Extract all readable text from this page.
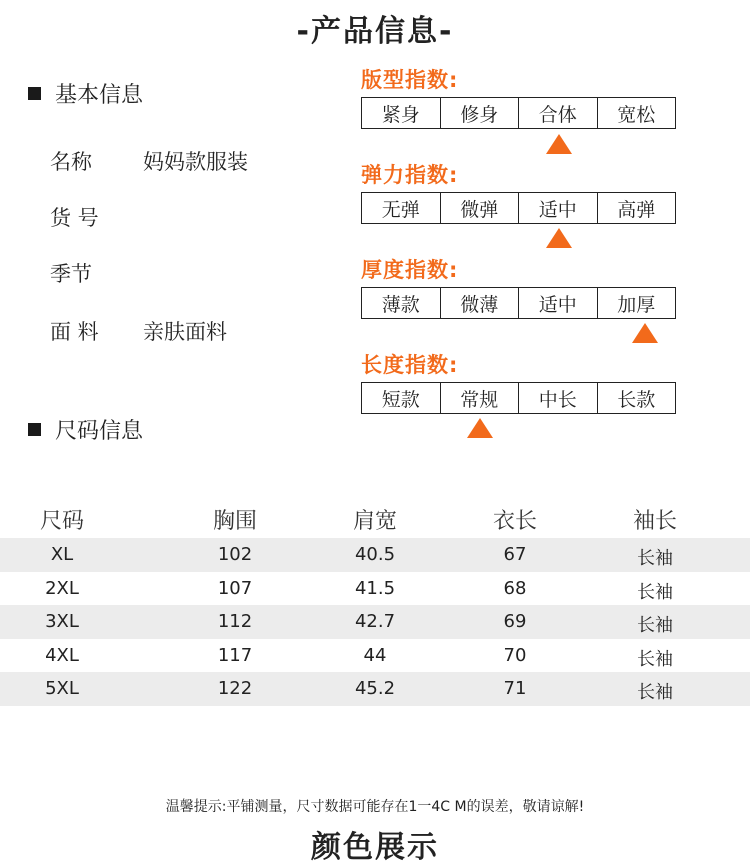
-产品信息-
基本信息
名称 妈妈款服装
货 号
季节
面 料 亲肤面料
尺码信息
版型指数:
紧身	修身	合体	宽松
弹力指数:
无弹	微弹	适中	高弹
厚度指数:
薄款	微薄	适中	加厚
长度指数:
短款	常规	中长	长款
尺码	胸围	肩宽	衣长	袖长
XL	102	40.5	67	长袖
2XL	107	41.5	68	长袖
3XL	112	42.7	69	长袖
4XL	117	44	70	长袖
5XL	122	45.2	71	长袖
温馨提示:平铺测量，尺寸数据可能存在1一4C M的误差，敬请谅解!
颜色展示
